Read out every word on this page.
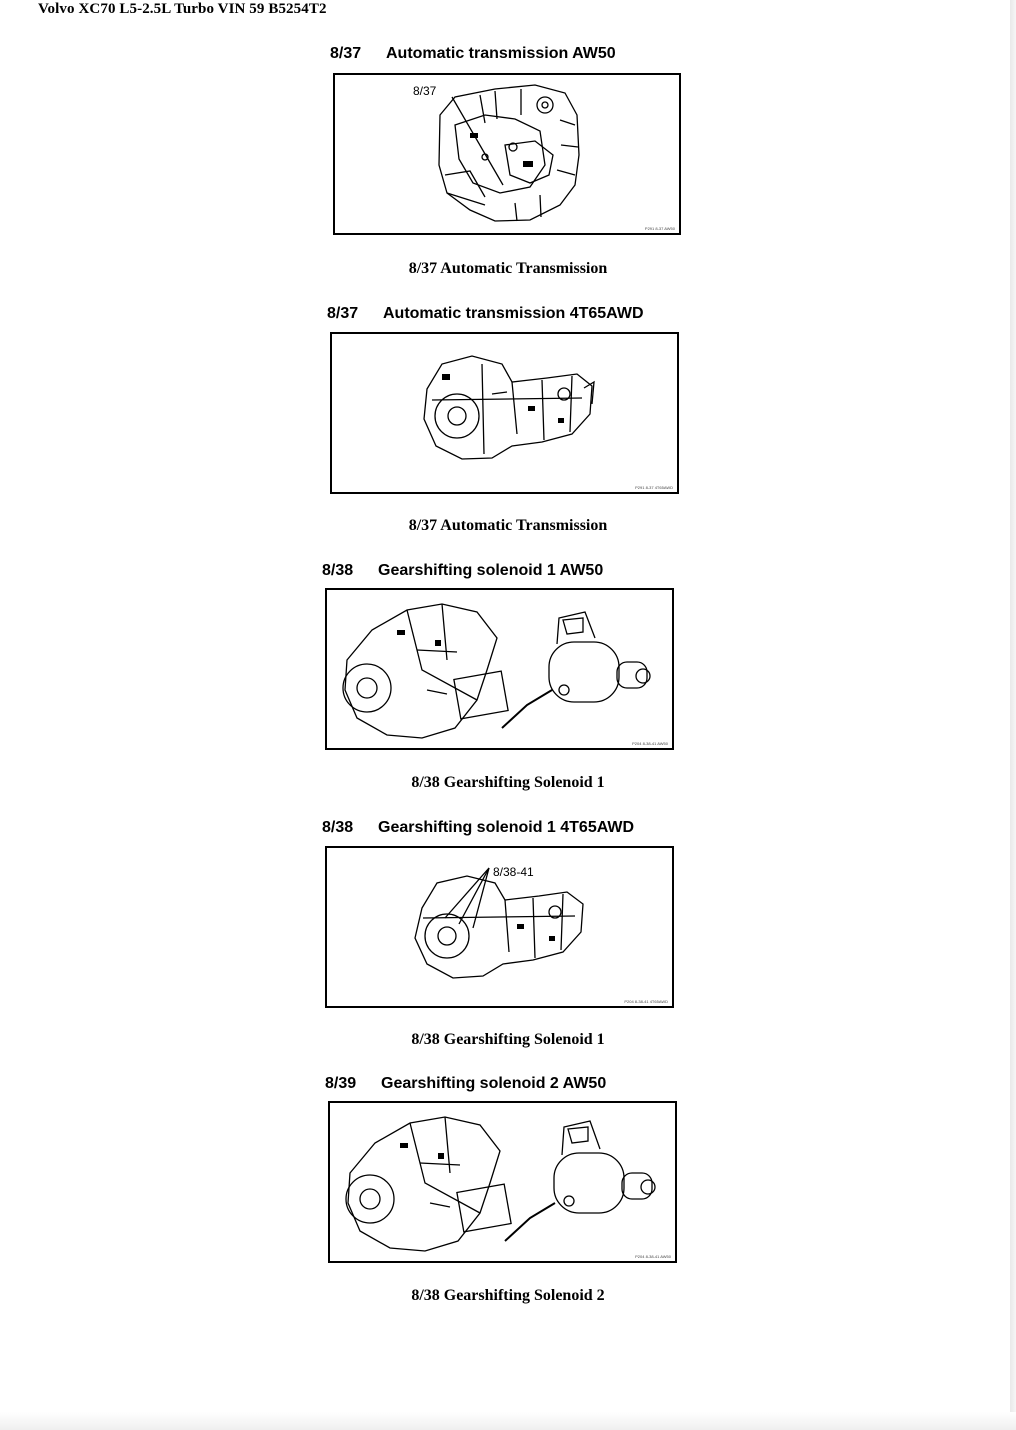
Volvo XC70 L5-2.5L Turbo VIN 59 B5254T2
8/37 Automatic transmission AW50
8/37
P291 8-37 AW50
8/37 Automatic Transmission
8/37 Automatic transmission 4T65AWD
P291 8-37 4T65AWD
8/37 Automatic Transmission
8/38 Gearshifting solenoid 1 AW50
P204 8-38-41 AW50
8/38 Gearshifting Solenoid 1
8/38 Gearshifting solenoid 1 4T65AWD
8/38-41
P204 8-38-41 4T65AWD
8/38 Gearshifting Solenoid 1
8/39 Gearshifting solenoid 2 AW50
P204 8-38-41 AW50
8/38 Gearshifting Solenoid 2
